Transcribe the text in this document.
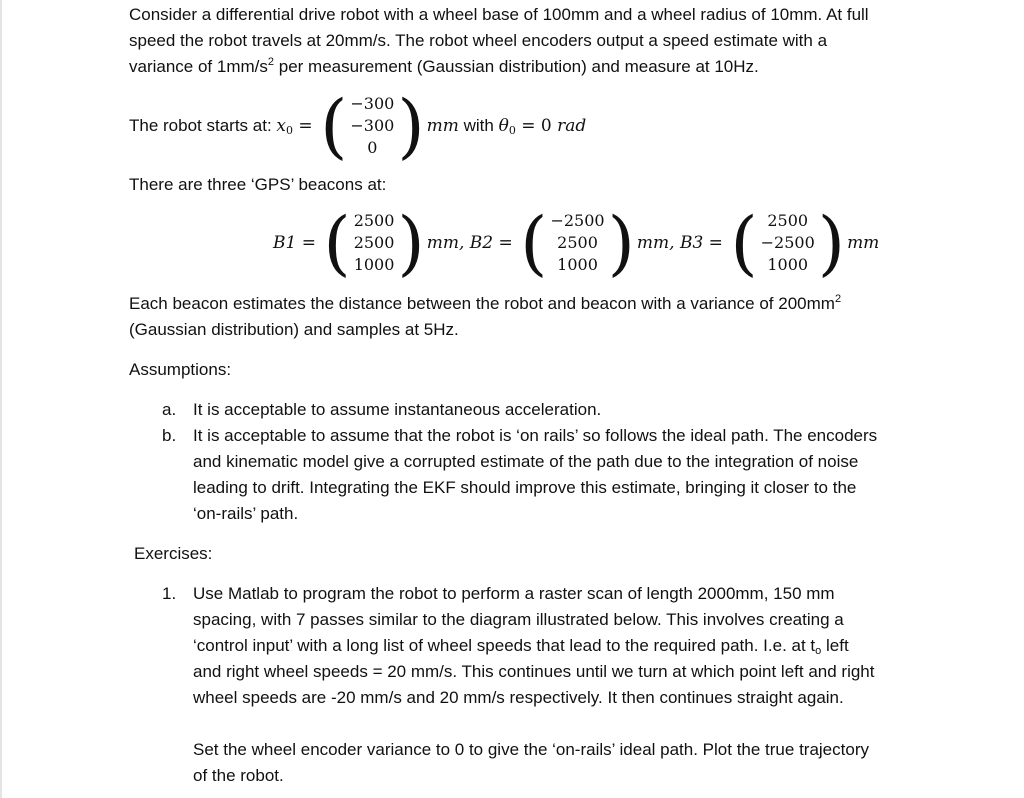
Consider a differential drive robot with a wheel base of 100mm and a wheel radius of 10mm. At full
speed the robot travels at 20mm/s. The robot wheel encoders output a speed estimate with a
variance of $1mm/s^2$ per measurement (Gaussian distribution) and measure at 10Hz.

The robot starts at: $x_0$ = ( −300
−300
0 ) mm with $\theta_0 = 0$ rad

There are three ‘GPS’ beacons at:

B1 = ( 2500
2500
1000 ) mm, B2 = ( −2500
2500
1000 ) mm, B3 = ( 2500
−2500
1000 ) mm

Each beacon estimates the distance between the robot and beacon with a variance of $200mm^2$
(Gaussian distribution) and samples at 5Hz.

Assumptions:

a. It is acceptable to assume instantaneous acceleration.
b. It is acceptable to assume that the robot is ‘on rails’ so follows the ideal path. The encoders
and kinematic model give a corrupted estimate of the path due to the integration of noise
leading to drift. Integrating the EKF should improve this estimate, bringing it closer to the
‘on-rails’ path.

Exercises:

1. Use Matlab to program the robot to perform a raster scan of length 2000mm, 150 mm
spacing, with 7 passes similar to the diagram illustrated below. This involves creating a
‘control input’ with a long list of wheel speeds that lead to the required path. I.e. at $t_o$ left
and right wheel speeds = 20 mm/s. This continues until we turn at which point left and right
wheel speeds are -20 mm/s and 20 mm/s respectively. It then continues straight again.
Set the wheel encoder variance to 0 to give the ‘on-rails’ ideal path. Plot the true trajectory
of the robot.
